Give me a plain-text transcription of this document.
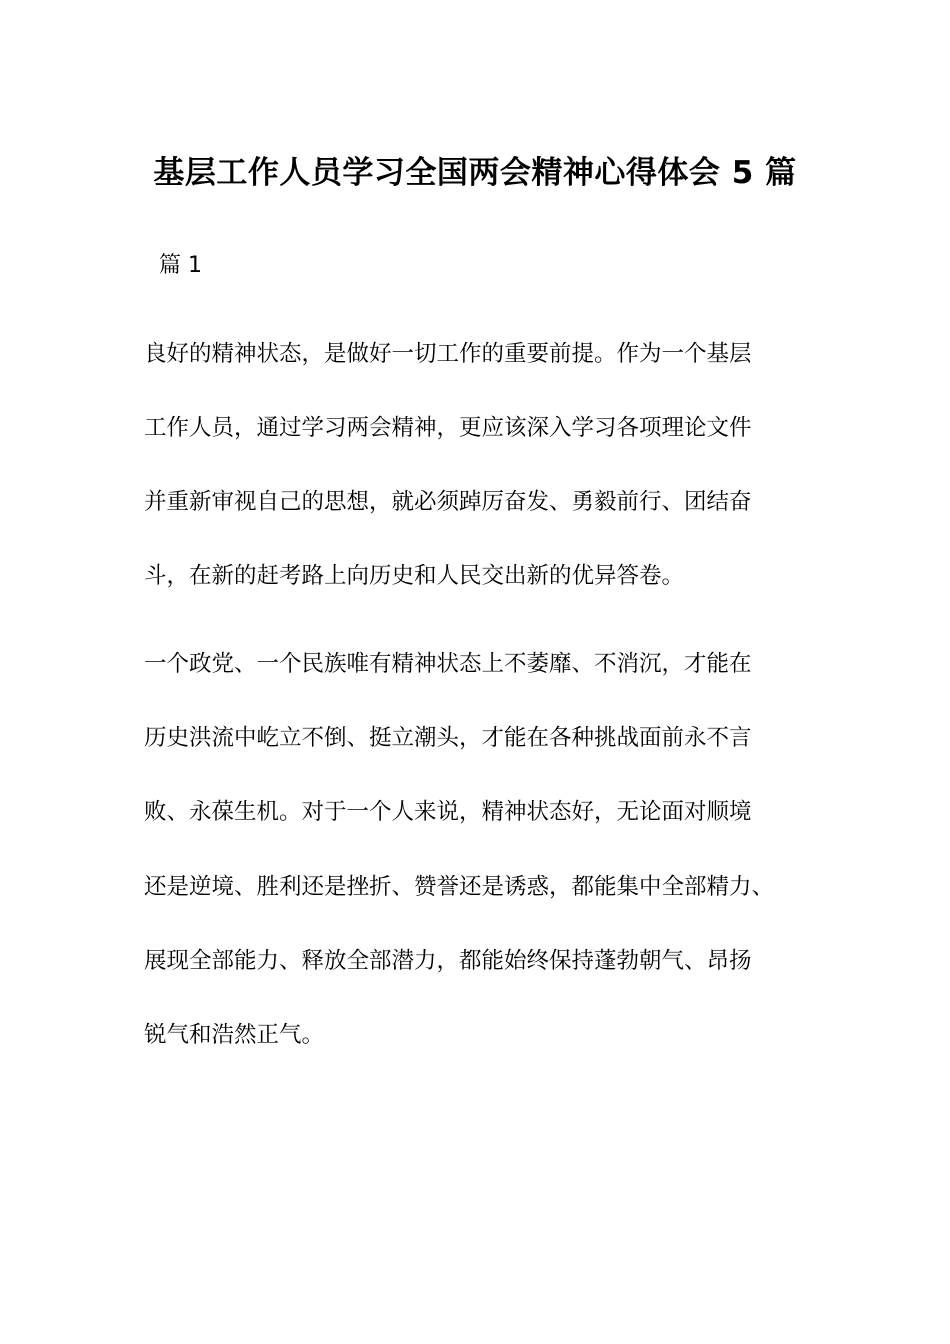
基层工作人员学习全国两会精神心得体会 5 篇
篇 1
良好的精神状态，是做好一切工作的重要前提。作为一个基层
工作人员，通过学习两会精神，更应该深入学习各项理论文件
并重新审视自己的思想，就必须踔厉奋发、勇毅前行、团结奋
斗，在新的赶考路上向历史和人民交出新的优异答卷。
一个政党、一个民族唯有精神状态上不萎靡、不消沉，才能在
历史洪流中屹立不倒、挺立潮头，才能在各种挑战面前永不言
败、永葆生机。对于一个人来说，精神状态好，无论面对顺境
还是逆境、胜利还是挫折、赞誉还是诱惑，都能集中全部精力、
展现全部能力、释放全部潜力，都能始终保持蓬勃朝气、昂扬
锐气和浩然正气。
